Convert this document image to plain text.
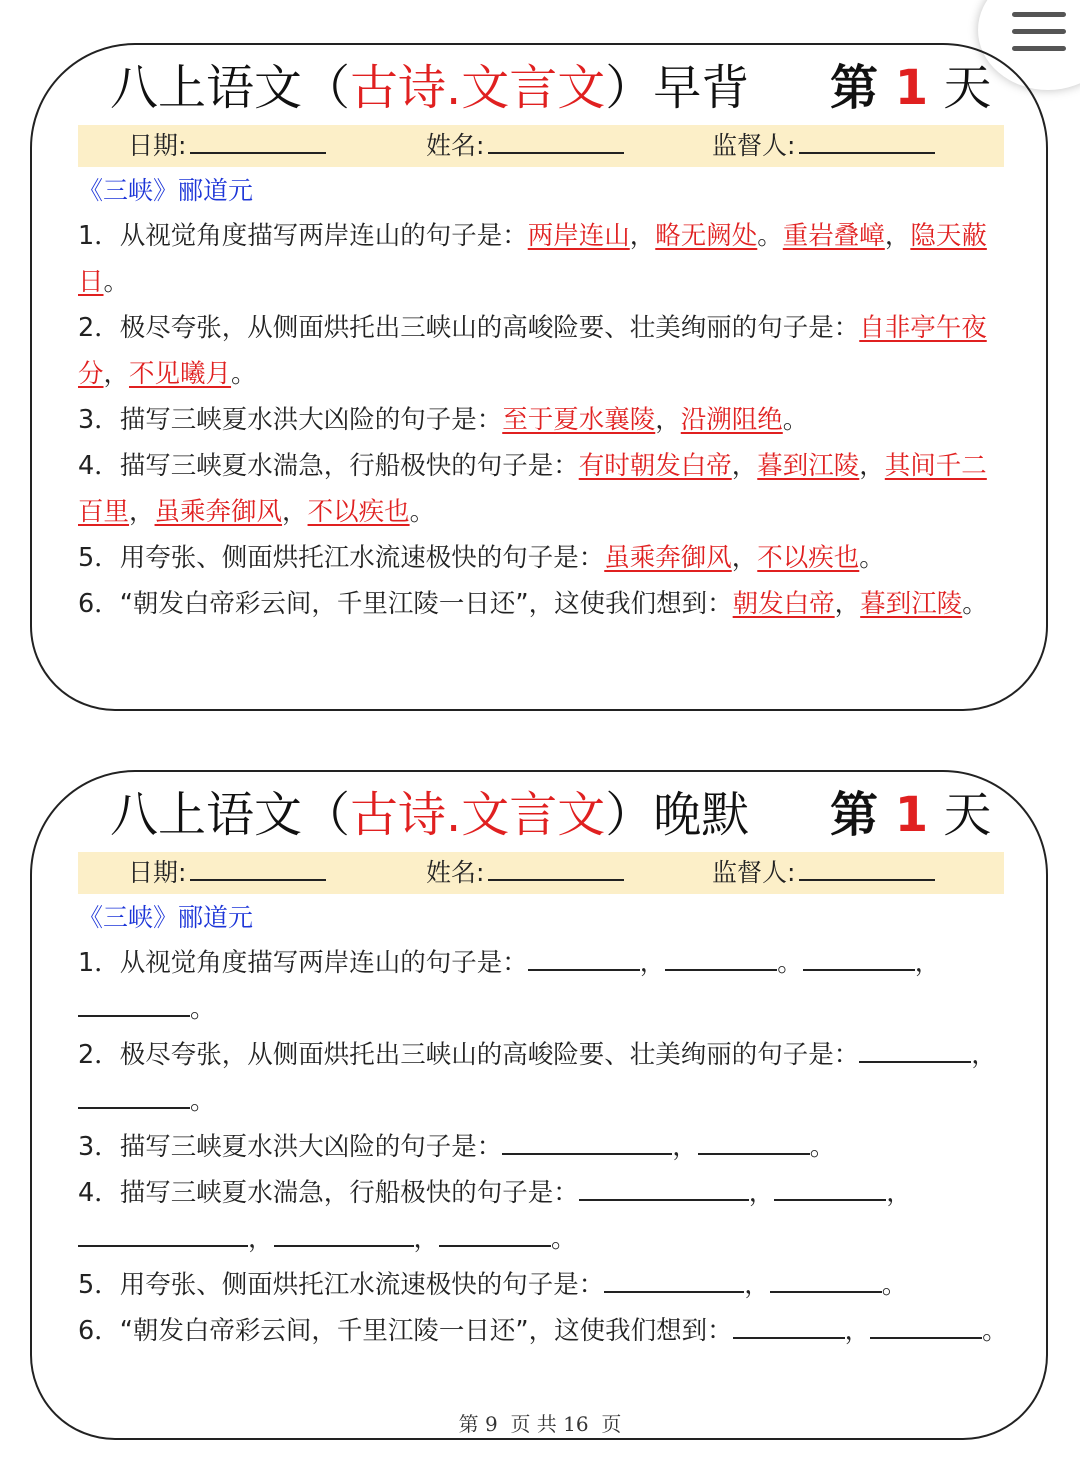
八上语文（古诗.文言文）早背 第 1 天
日期:	姓名:	监督人:
《三峡》郦道元
1．从视觉角度描写两岸连山的句子是：两岸连山，略无阙处。重岩叠嶂，隐天蔽日。
2．极尽夸张，从侧面烘托出三峡山的高峻险要、壮美绚丽的句子是：自非亭午夜分，不见曦月。
3．描写三峡夏水洪大凶险的句子是：至于夏水襄陵，沿溯阻绝。
4．描写三峡夏水湍急，行船极快的句子是：有时朝发白帝，暮到江陵，其间千二百里，虽乘奔御风，不以疾也。
5．用夸张、侧面烘托江水流速极快的句子是：虽乘奔御风，不以疾也。
6．“朝发白帝彩云间，千里江陵一日还”，这使我们想到：朝发白帝，暮到江陵。
八上语文（古诗.文言文）晚默 第 1 天
日期:	姓名:	监督人:
《三峡》郦道元
1．从视觉角度描写两岸连山的句子是：	，	。	，。
2．极尽夸张，从侧面烘托出三峡山的高峻险要、壮美绚丽的句子是：	，。
3．描写三峡夏水洪大凶险的句子是：	，	。
4．描写三峡夏水湍急，行船极快的句子是：	，	，，	，	。
5．用夸张、侧面烘托江水流速极快的句子是：	，	。
6．“朝发白帝彩云间，千里江陵一日还”，这使我们想到：	，	。
第 9  页 共 16  页
